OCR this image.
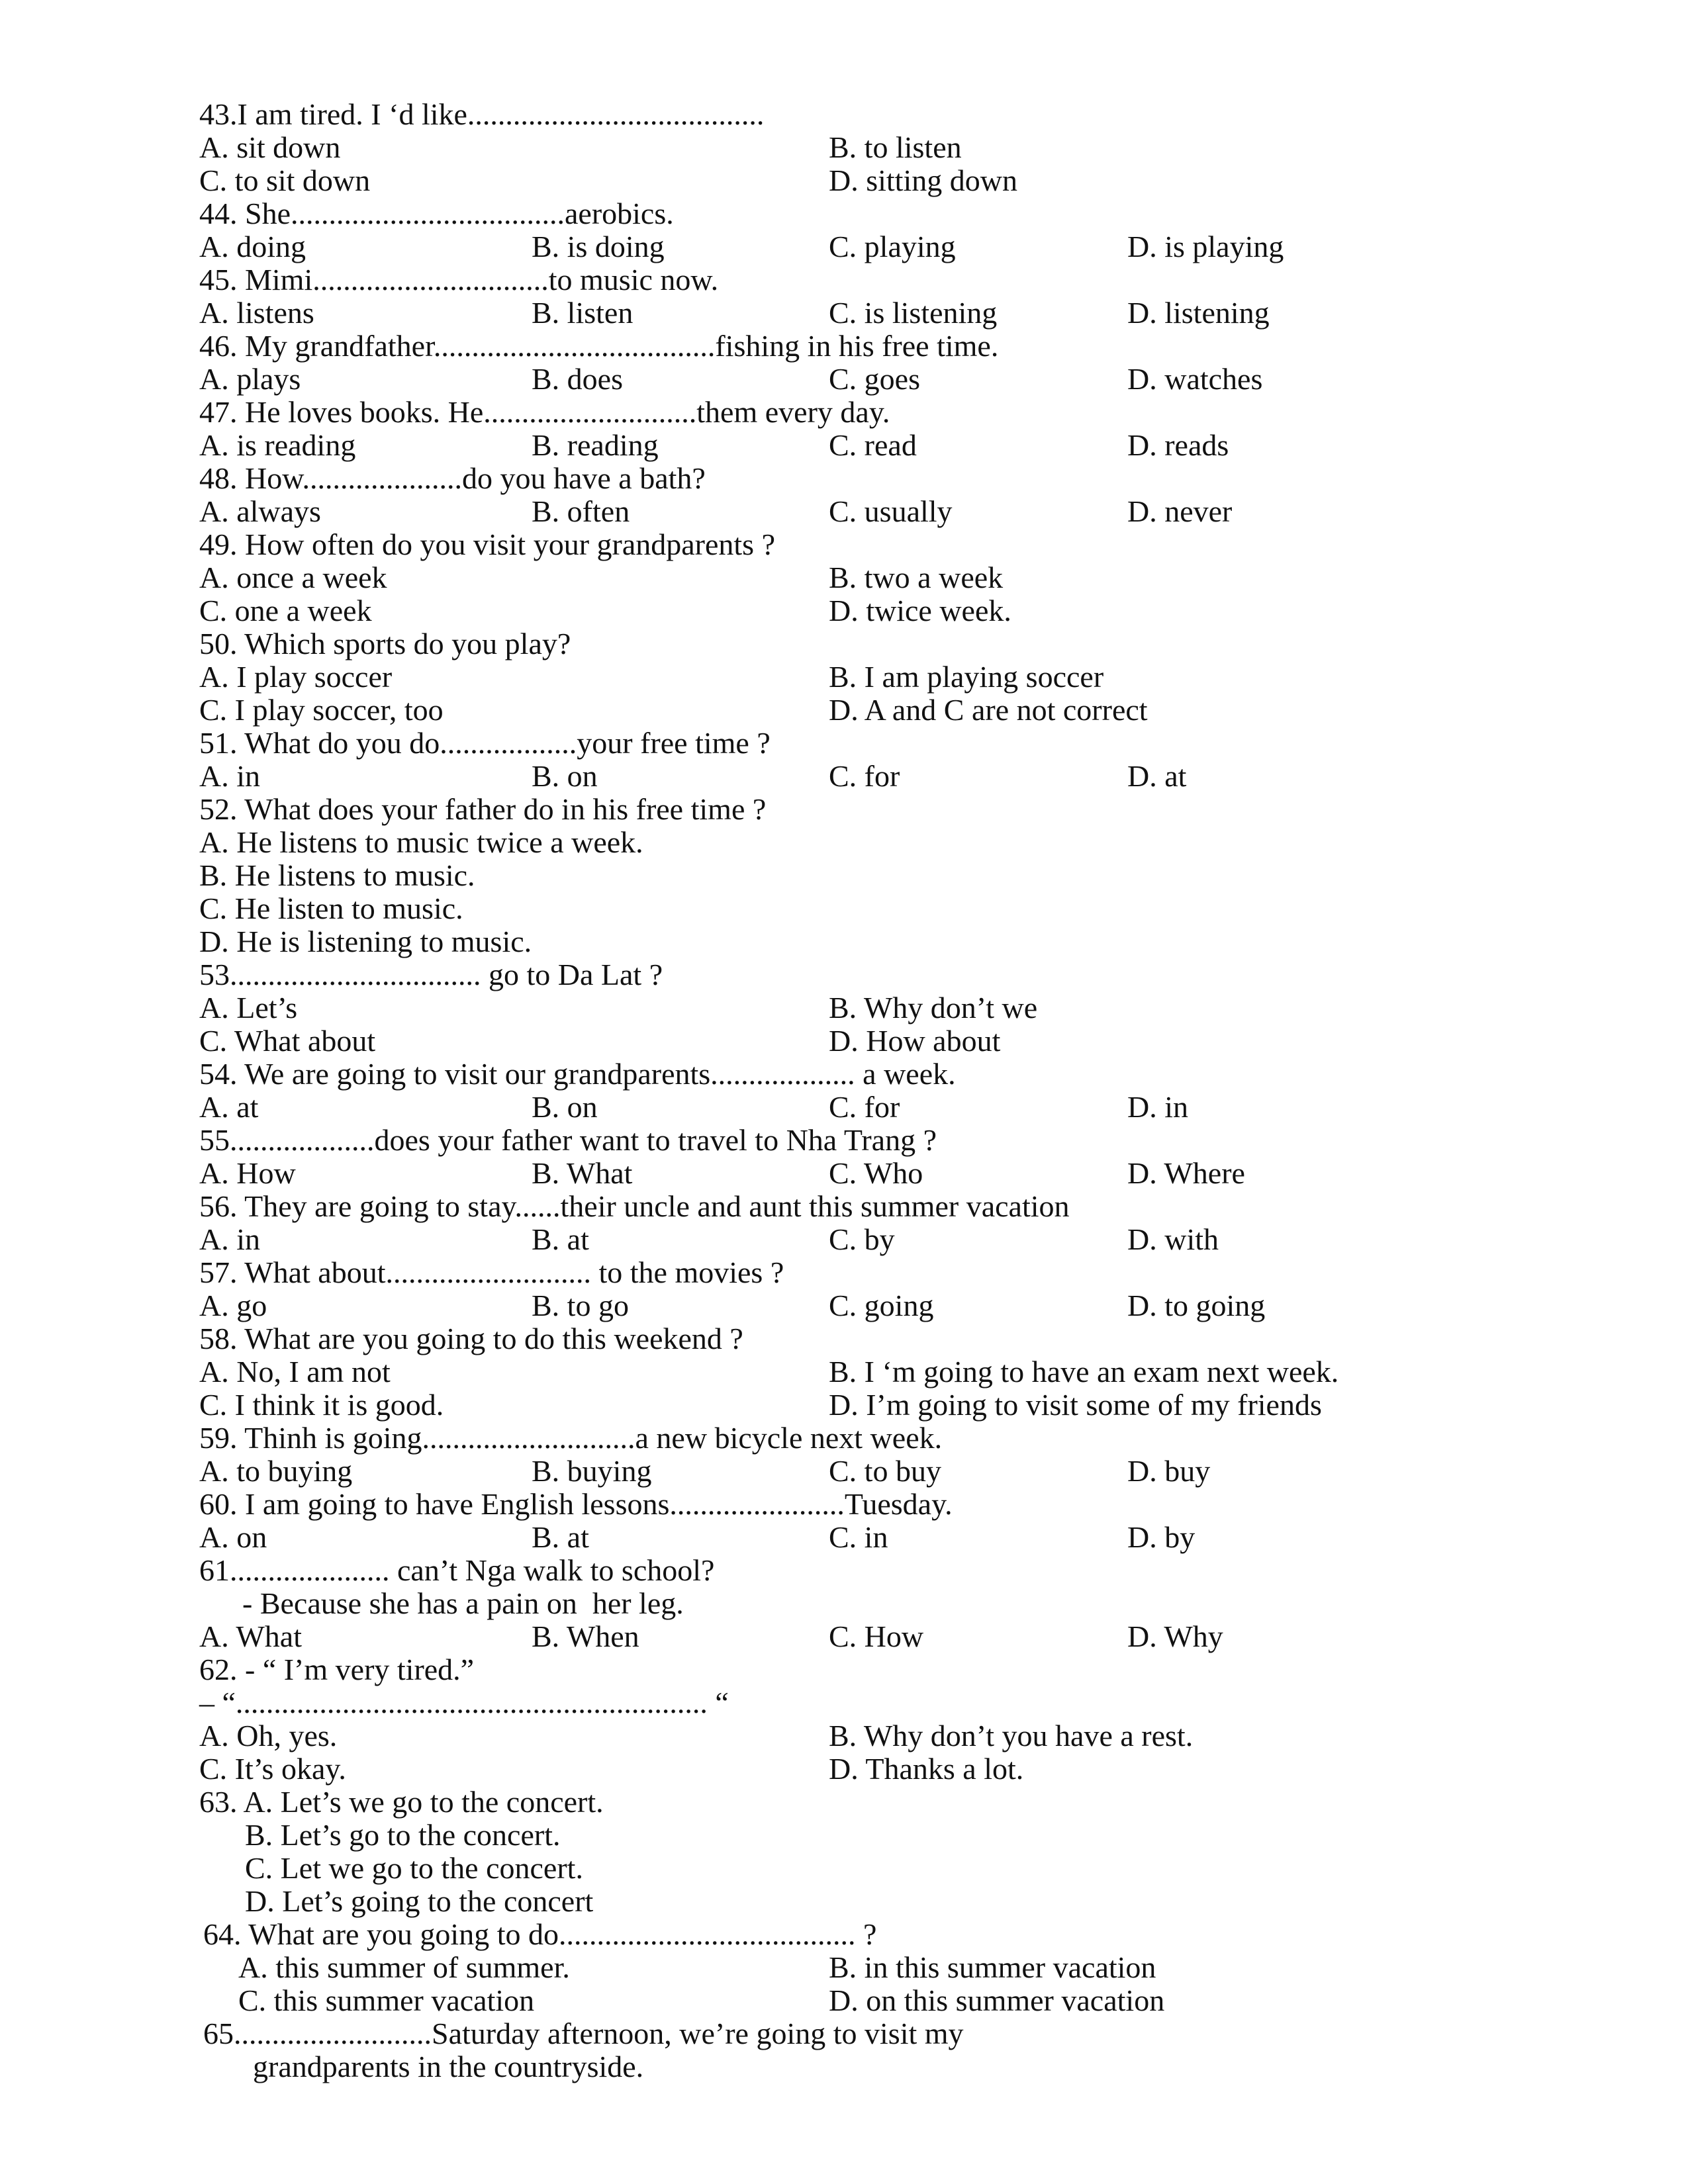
43.I am tired. I ‘d like.......................................
A. sit down	B. to listen
C. to sit down	D. sitting down
44. She....................................aerobics.
A. doing	B. is doing	C. playing	D. is playing
45. Mimi...............................to music now.
A. listens	B. listen	C. is listening	D. listening
46. My grandfather.....................................fishing in his free time.
A. plays	B. does	C. goes	D. watches
47. He loves books. He............................them every day.
A. is reading	B. reading	C. read	D. reads
48. How.....................do you have a bath?
A. always	B. often	C. usually	D. never
49. How often do you visit your grandparents ?
A. once a week	B. two a week
C. one a week	D. twice week.
50. Which sports do you play?
A. I play soccer	B. I am playing soccer
C. I play soccer, too	D. A and C are not correct
51. What do you do..................your free time ?
A. in	B. on	C. for	D. at
52. What does your father do in his free time ?
A. He listens to music twice a week.
B. He listens to music.
C. He listen to music.
D. He is listening to music.
53................................. go to Da Lat ?
A. Let’s	B. Why don’t we
C. What about	D. How about
54. We are going to visit our grandparents................... a week.
A. at	B. on	C. for	D. in
55...................does your father want to travel to Nha Trang ?
A. How	B. What	C. Who	D. Where
56. They are going to stay......their uncle and aunt this summer vacation
A. in	B. at	C. by	D. with
57. What about........................... to the movies ?
A. go	B. to go	C. going	D. to going
58. What are you going to do this weekend ?
A. No, I am not	B. I ‘m going to have an exam next week.
C. I think it is good.	D. I’m going to visit some of my friends
59. Thinh is going............................a new bicycle next week.
A. to buying	B. buying	C. to buy	D. buy
60. I am going to have English lessons.......................Tuesday.
A. on	B. at	C. in	D. by
61..................... can’t Nga walk to school?
- Because she has a pain on  her leg.
A. What	B. When	C. How	D. Why
62. - “ I’m very tired.”
– “.............................................................. “
A. Oh, yes.	B. Why don’t you have a rest.
C. It’s okay.	D. Thanks a lot.
63. A. Let’s we go to the concert.
B. Let’s go to the concert.
C. Let we go to the concert.
D. Let’s going to the concert
64. What are you going to do....................................... ?
A. this summer of summer.	B. in this summer vacation
C. this summer vacation	D. on this summer vacation
65..........................Saturday afternoon, we’re going to visit my
grandparents in the countryside.
